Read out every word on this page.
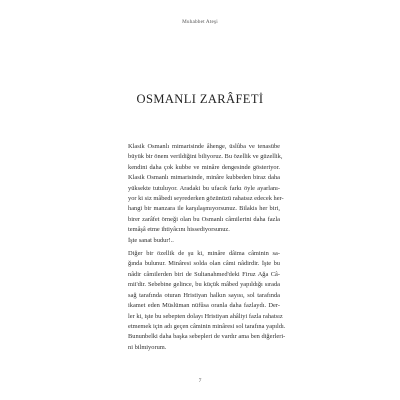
Muhabbet Ateşi
OSMANLI ZARÂFETİ

Klasik Osmanlı mimarisinde âhenge, üslûba ve tenasübe
büyük bir önem verildiğini biliyoruz. Bu özellik ve güzellik,
kendini daha çok kubbe ve minâre dengesinde gösteriyor.
Klasik Osmanlı mimarisinde, minâre kubbeden biraz daha
yüksekte tutuluyor. Aradaki bu ufacık farkı öyle ayarlanı-
yor ki siz mâbedi seyrederken gözünüzü rahatsız edecek her-
hangi bir manzara ile karşılaşmıyorsunuz. Bilakis her biri,
birer zarâfet örneği olan bu Osmanlı câmilerini daha fazla
temâşâ etme ihtiyâcını hissediyorsunuz.

İşte sanat budur!..

Diğer bir özellik de şu ki, minâre dâima câminin sa-
ğında bulunur. Minâresi solda olan câmi nâdirdir. İşte bu
nâdir câmilerden biri de Sultanahmed'deki Firuz Ağa Câ-
mii'dir. Sebebine gelince, bu küçük mâbed yapıldığı sırada
sağ tarafında oturan Hristiyan halkın sayısı, sol tarafında
ikamet eden Müslüman nüfûsa oranla daha fazlaydı. Der-
ler ki, işte bu sebepten dolayı Hristiyan ahâliyi fazla rahatsız
etmemek için adı geçen câminin minâresi sol tarafına yapıldı.
Bununbelki daha başka sebepleri de vardır ama ben diğerleri-
ni bilmiyorum.

7
